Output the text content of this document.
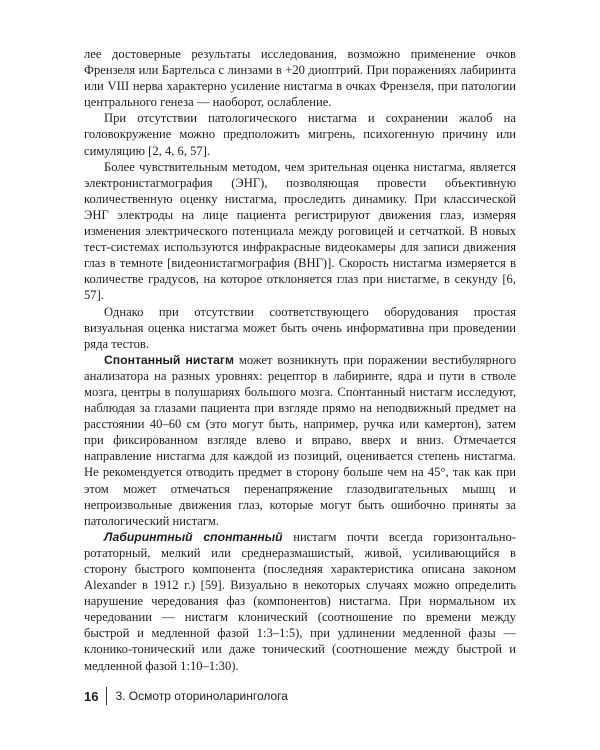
лее достоверные результаты исследования, возможно применение очков Френзеля или Бартельса с линзами в +20 диоптрий. При поражениях лабиринта или VIII нерва характерно усиление нистагма в очках Френзеля, при патологии центрального генеза — наоборот, ослабление.

При отсутствии патологического нистагма и сохранении жалоб на головокружение можно предположить мигрень, психогенную причину или симуляцию [2, 4, 6, 57].

Более чувствительным методом, чем зрительная оценка нистагма, является электронистагмография (ЭНГ), позволяющая провести объективную количественную оценку нистагма, проследить динамику. При классической ЭНГ электроды на лице пациента регистрируют движения глаз, измеряя изменения электрического потенциала между роговицей и сетчаткой. В новых тест-системах используются инфракрасные видеокамеры для записи движения глаз в темноте [видеонистагмография (ВНГ)]. Скорость нистагма измеряется в количестве градусов, на которое отклоняется глаз при нистагме, в секунду [6, 57].

Однако при отсутствии соответствующего оборудования простая визуальная оценка нистагма может быть очень информативна при проведении ряда тестов.

Спонтанный нистагм может возникнуть при поражении вестибулярного анализатора на разных уровнях: рецептор в лабиринте, ядра и пути в стволе мозга, центры в полушариях большого мозга. Спонтанный нистагм исследуют, наблюдая за глазами пациента при взгляде прямо на неподвижный предмет на расстоянии 40–60 см (это могут быть, например, ручка или камертон), затем при фиксированном взгляде влево и вправо, вверх и вниз. Отмечается направление нистагма для каждой из позиций, оценивается степень нистагма. Не рекомендуется отводить предмет в сторону больше чем на 45°, так как при этом может отмечаться перенапряжение глазодвигательных мышц и непроизвольные движения глаз, которые могут быть ошибочно приняты за патологический нистагм.

Лабиринтный спонтанный нистагм почти всегда горизонтально-ротаторный, мелкий или среднеразмашистый, живой, усиливающийся в сторону быстрого компонента (последняя характеристика описана законом Alexander в 1912 г.) [59]. Визуально в некоторых случаях можно определить нарушение чередования фаз (компонентов) нистагма. При нормальном их чередовании — нистагм клонический (соотношение по времени между быстрой и медленной фазой 1:3–1:5), при удлинении медленной фазы — клонико-тонический или даже тонический (соотношение между быстрой и медленной фазой 1:10–1:30).

16 3. Осмотр оториноларинголога
